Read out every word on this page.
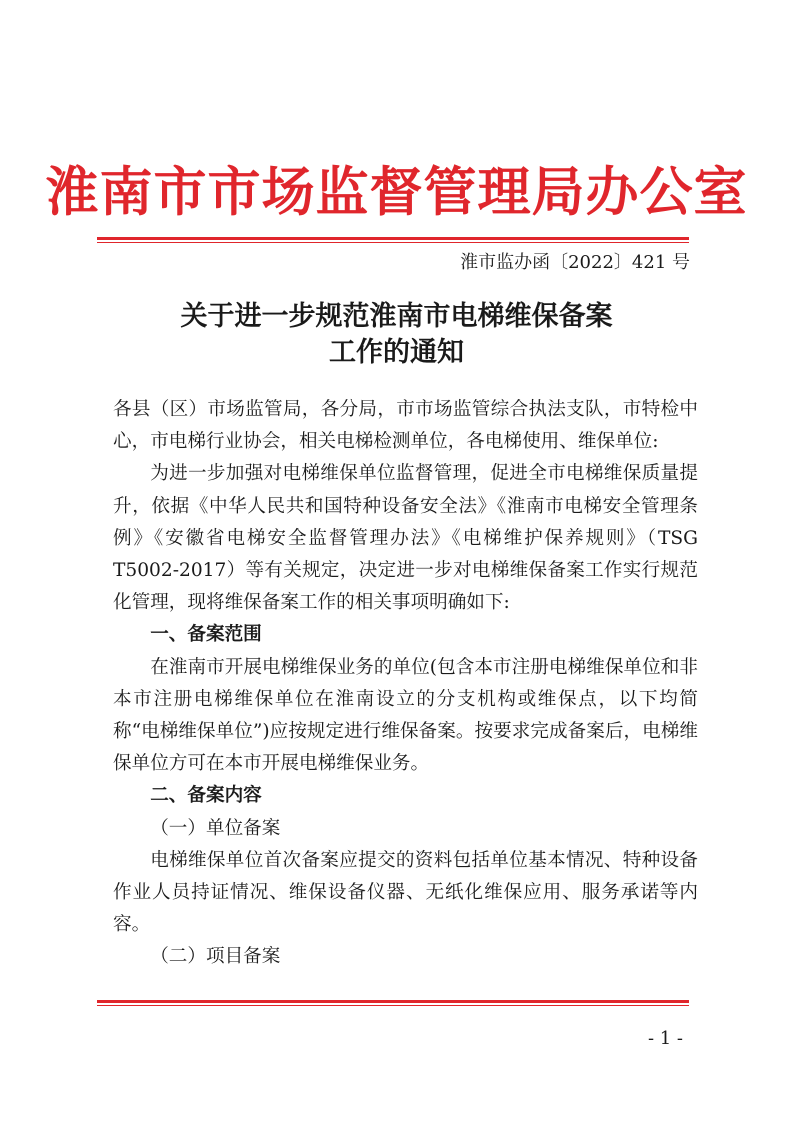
淮南市市场监督管理局办公室
淮市监办函〔2022〕421 号
关于进一步规范淮南市电梯维保备案
工作的通知

各县（区）市场监管局，各分局，市市场监管综合执法支队，市特检中心，市电梯行业协会，相关电梯检测单位，各电梯使用、维保单位:

为进一步加强对电梯维保单位监督管理，促进全市电梯维保质量提升，依据《中华人民共和国特种设备安全法》《淮南市电梯安全管理条例》《安徽省电梯安全监督管理办法》《电梯维护保养规则》（TSG T5002-2017）等有关规定，决定进一步对电梯维保备案工作实行规范化管理，现将维保备案工作的相关事项明确如下:

一、备案范围

在淮南市开展电梯维保业务的单位(包含本市注册电梯维保单位和非本市注册电梯维保单位在淮南设立的分支机构或维保点，以下均简称“电梯维保单位”)应按规定进行维保备案。按要求完成备案后，电梯维保单位方可在本市开展电梯维保业务。

二、备案内容

（一）单位备案

电梯维保单位首次备案应提交的资料包括单位基本情况、特种设备作业人员持证情况、维保设备仪器、无纸化维保应用、服务承诺等内容。

（二）项目备案

- 1 -
